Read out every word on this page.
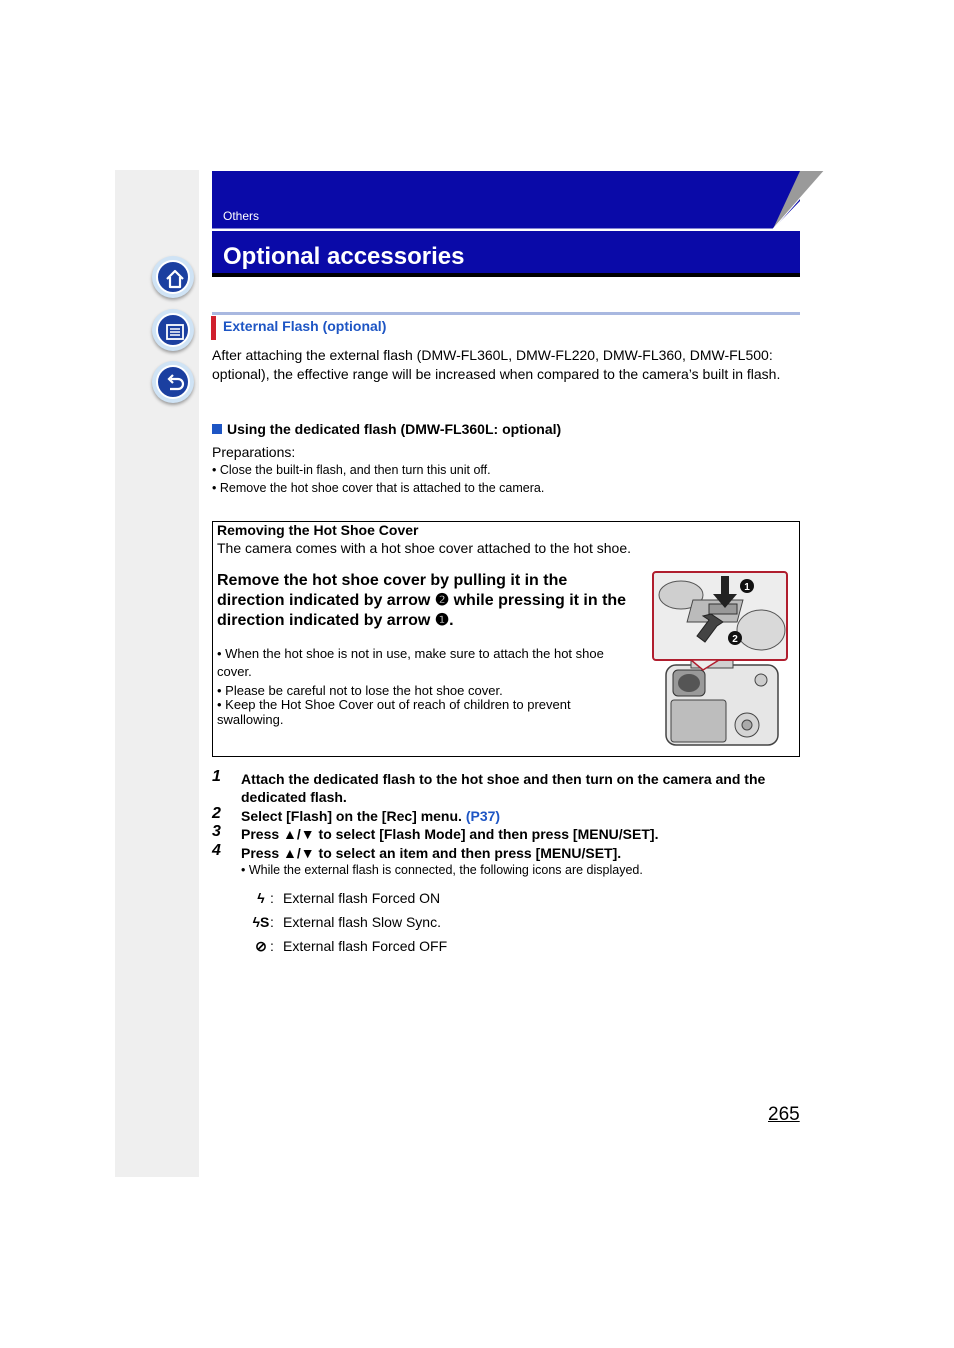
Others
Optional accessories
External Flash (optional)
After attaching the external flash (DMW-FL360L, DMW-FL220, DMW-FL360, DMW-FL500: optional), the effective range will be increased when compared to the camera’s built in flash.
Using the dedicated flash (DMW-FL360L: optional)
Preparations:
• Close the built-in flash, and then turn this unit off.
• Remove the hot shoe cover that is attached to the camera.
Removing the Hot Shoe Cover
The camera comes with a hot shoe cover attached to the hot shoe.
Remove the hot shoe cover by pulling it in the direction indicated by arrow ❷ while pressing it in the direction indicated by arrow ❶.
• When the hot shoe is not in use, make sure to attach the hot shoe
cover.
• Please be careful not to lose the hot shoe cover.
• Keep the Hot Shoe Cover out of reach of children to prevent
swallowing.
1
2
1 Attach the dedicated flash to the hot shoe and then turn on the camera and the dedicated flash.
2 Select [Flash] on the [Rec] menu. (P37)
3 Press ▲/▼ to select [Flash Mode] and then press [MENU/SET].
4 Press ▲/▼ to select an item and then press [MENU/SET].
• While the external flash is connected, the following icons are displayed.
ϟ : External flash Forced ON
ϟS: External flash Slow Sync.
⊘ : External flash Forced OFF
265
